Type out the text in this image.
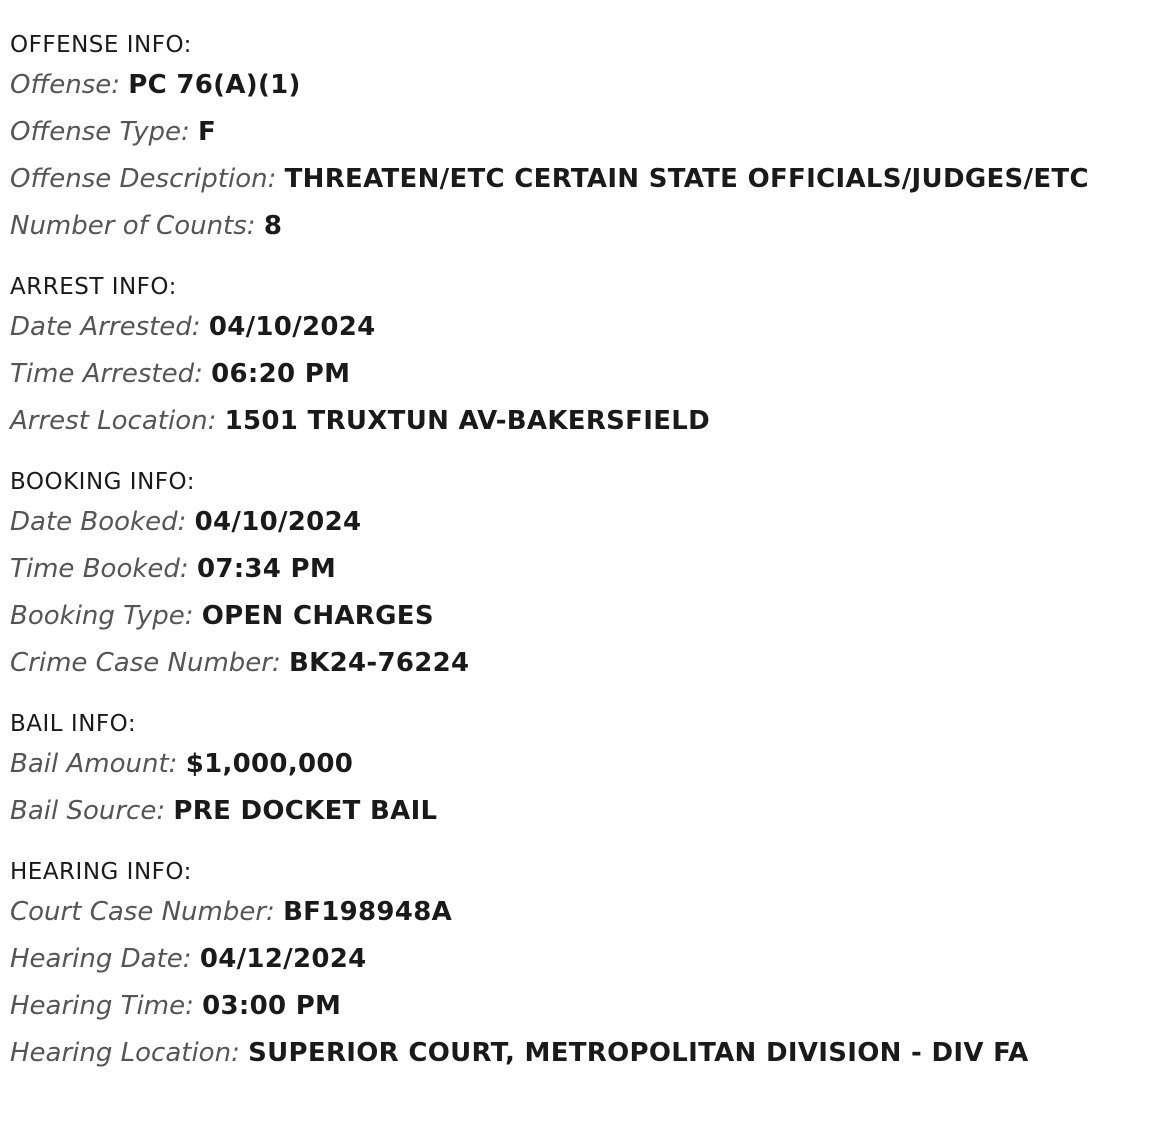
OFFENSE INFO:
Offense: PC 76(A)(1)
Offense Type: F
Offense Description: THREATEN/ETC CERTAIN STATE OFFICIALS/JUDGES/ETC
Number of Counts: 8
ARREST INFO:
Date Arrested: 04/10/2024
Time Arrested: 06:20 PM
Arrest Location: 1501 TRUXTUN AV-BAKERSFIELD
BOOKING INFO:
Date Booked: 04/10/2024
Time Booked: 07:34 PM
Booking Type: OPEN CHARGES
Crime Case Number: BK24-76224
BAIL INFO:
Bail Amount: $1,000,000
Bail Source: PRE DOCKET BAIL
HEARING INFO:
Court Case Number: BF198948A
Hearing Date: 04/12/2024
Hearing Time: 03:00 PM
Hearing Location: SUPERIOR COURT, METROPOLITAN DIVISION - DIV FA
